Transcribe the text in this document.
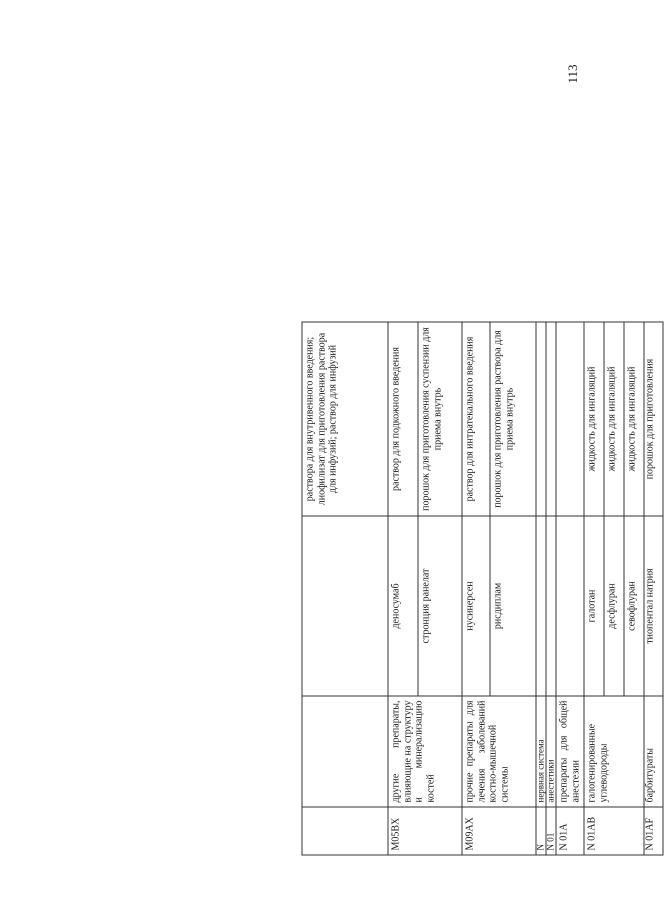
113
			раствора для внутривенного введения; лиофилизат для приготовления раствора для инфузий; раствор для инфузий
M05BX	другие препараты, влияющие на структуру и минерализацию костей	деносумаб	раствор для подкожного введения
		стронция ранелат	порошок для приготовления суспензии для приема внутрь
M09AX	прочие препараты для лечения заболеваний костно-мышечной системы	нусинерсен	раствор для интратекального введения
		рисдиплам	порошок для приготовления раствора для приема внутрь
N	нервная система		
N 01	анестетики		
N 01A	препараты для общей анестезии		
N 01AB	галогенированные углеводороды	галотан	жидкость для ингаляций
		десфлуран	жидкость для ингаляций
		севофлуран	жидкость для ингаляций
N 01AF	барбитураты	тиопентал натрия	порошок для приготовления
